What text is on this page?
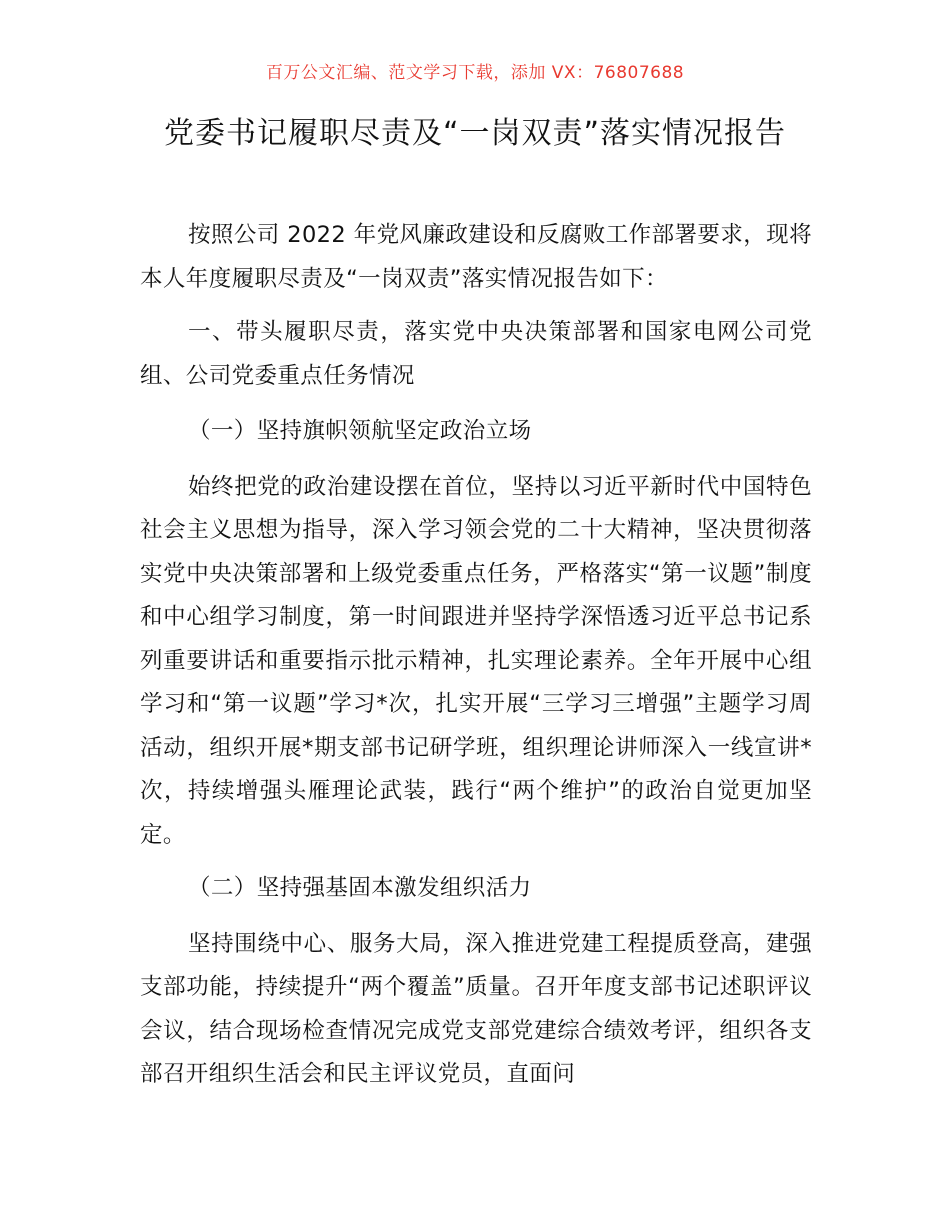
百万公文汇编、范文学习下载，添加 VX：76807688
党委书记履职尽责及“一岗双责”落实情况报告

按照公司 2022 年党风廉政建设和反腐败工作部署要求，现将本人年度履职尽责及“一岗双责”落实情况报告如下：

一、带头履职尽责，落实党中央决策部署和国家电网公司党组、公司党委重点任务情况

（一）坚持旗帜领航坚定政治立场

始终把党的政治建设摆在首位，坚持以习近平新时代中国特色社会主义思想为指导，深入学习领会党的二十大精神，坚决贯彻落实党中央决策部署和上级党委重点任务，严格落实“第一议题”制度和中心组学习制度，第一时间跟进并坚持学深悟透习近平总书记系列重要讲话和重要指示批示精神，扎实理论素养。全年开展中心组学习和“第一议题”学习*次，扎实开展“三学习三增强”主题学习周活动，组织开展*期支部书记研学班，组织理论讲师深入一线宣讲*次，持续增强头雁理论武装，践行“两个维护”的政治自觉更加坚定。

（二）坚持强基固本激发组织活力

坚持围绕中心、服务大局，深入推进党建工程提质登高，建强支部功能，持续提升“两个覆盖”质量。召开年度支部书记述职评议会议，结合现场检查情况完成党支部党建综合绩效考评，组织各支部召开组织生活会和民主评议党员，直面问
